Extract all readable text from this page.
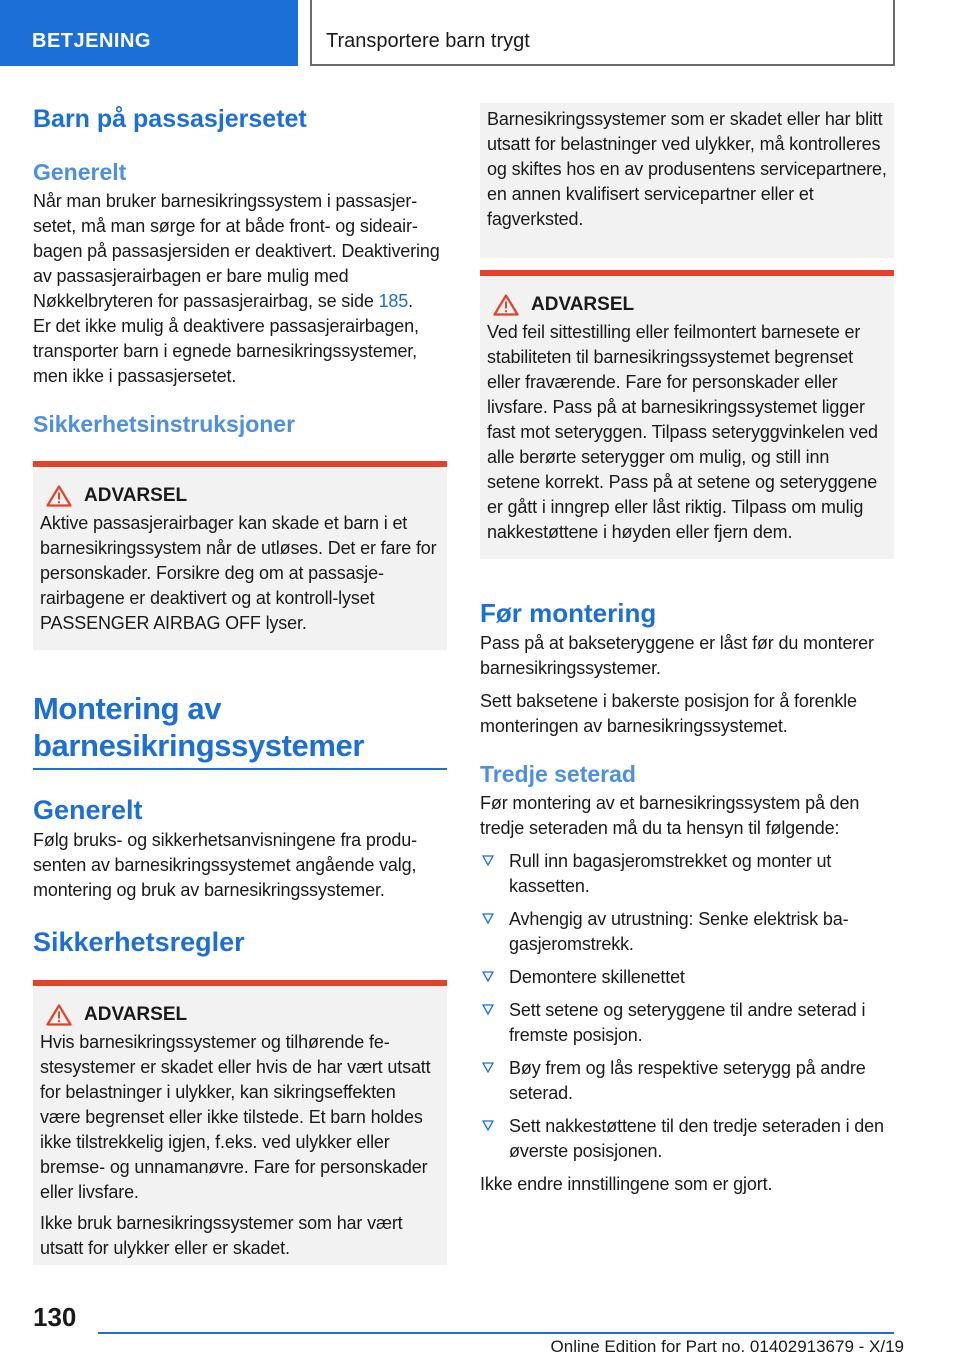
BETJENING	Transportere barn trygt
Barn på passasjersetet
Generelt

Når man bruker barnesikringssystem i passasjersetet, må man sørge for at både front- og sideairbagen på passasjersiden er deaktivert. Deaktivering av passasjerairbagen er bare mulig med Nøkkelbryteren for passasjerairbag, se side 185.

Er det ikke mulig å deaktivere passasjerairbagen, transporter barn i egnede barnesikringssystemer, men ikke i passasjersetet.

Sikkerhetsinstruksjoner
ADVARSEL

Aktive passasjerairbager kan skade et barn i et barnesikringssystem når de utløses. Det er fare for personskader. Forsikre deg om at passasjerairbagene er deaktivert og at kontroll-lyset PASSENGER AIRBAG OFF lyser.

Montering av
barnesikringssystemer
Generelt

Følg bruks- og sikkerhetsanvisningene fra produsenten av barnesikringssystemet angående valg, montering og bruk av barnesikringssystemer.

Sikkerhetsregler
ADVARSEL

Hvis barnesikringssystemer og tilhørende festesystemer er skadet eller hvis de har vært utsatt for belastninger i ulykker, kan sikringseffekten være begrenset eller ikke tilstede. Et barn holdes ikke tilstrekkelig igjen, f.eks. ved ulykker eller bremse- og unnamanøvre. Fare for personskader eller livsfare.

Ikke bruk barnesikringssystemer som har vært utsatt for ulykker eller er skadet.

Barnesikringssystemer som er skadet eller har blitt utsatt for belastninger ved ulykker, må kontrolleres og skiftes hos en av produsentens servicepartnere, en annen kvalifisert servicepartner eller et fagverksted.

ADVARSEL

Ved feil sittestilling eller feilmontert barnesete er stabiliteten til barnesikringssystemet begrenset eller fraværende. Fare for personskader eller livsfare. Pass på at barnesikringssystemet ligger fast mot seteryggen. Tilpass seteryggvinkelen ved alle berørte seterygger om mulig, og still inn setene korrekt. Pass på at setene og seteryggene er gått i inngrep eller låst riktig. Tilpass om mulig nakkestøttene i høyden eller fjern dem.

Før montering

Pass på at bakseteryggene er låst før du monterer barnesikringssystemer.

Sett baksetene i bakerste posisjon for å forenkle monteringen av barnesikringssystemet.

Tredje seterad

Før montering av et barnesikringssystem på den tredje seteraden må du ta hensyn til følgende:

Rull inn bagasjeromstrekket og monter ut kassetten.
Avhengig av utrustning: Senke elektrisk bagasjeromstrekk.
Demontere skillenettet
Sett setene og seteryggene til andre seterad i fremste posisjon.
Bøy frem og lås respektive seterygg på andre seterad.
Sett nakkestøttene til den tredje seteraden i den øverste posisjonen.

Ikke endre innstillingene som er gjort.

130
Online Edition for Part no. 01402913679 - X/19
